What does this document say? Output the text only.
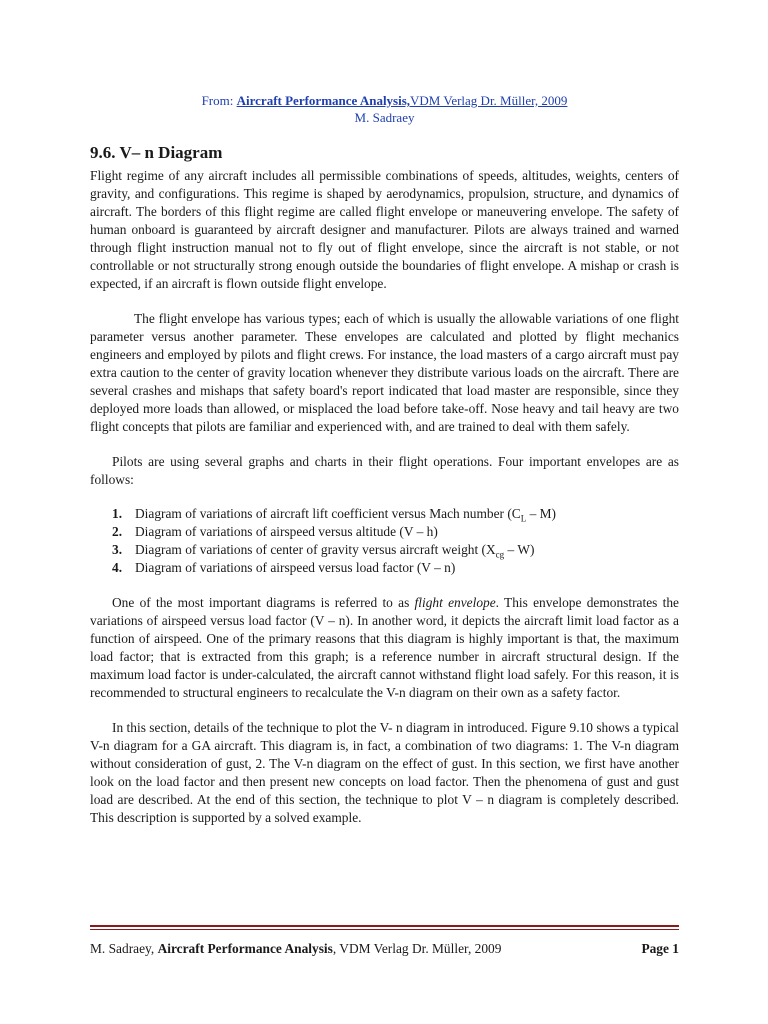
From: Aircraft Performance Analysis,VDM Verlag Dr. Müller, 2009
M. Sadraey
9.6. V– n Diagram

Flight regime of any aircraft includes all permissible combinations of speeds, altitudes, weights, centers of gravity, and configurations. This regime is shaped by aerodynamics, propulsion, structure, and dynamics of aircraft. The borders of this flight regime are called flight envelope or maneuvering envelope. The safety of human onboard is guaranteed by aircraft designer and manufacturer. Pilots are always trained and warned through flight instruction manual not to fly out of flight envelope, since the aircraft is not stable, or not controllable or not structurally strong enough outside the boundaries of flight envelope. A mishap or crash is expected, if an aircraft is flown outside flight envelope.

The flight envelope has various types; each of which is usually the allowable variations of one flight parameter versus another parameter. These envelopes are calculated and plotted by flight mechanics engineers and employed by pilots and flight crews. For instance, the load masters of a cargo aircraft must pay extra caution to the center of gravity location whenever they distribute various loads on the aircraft. There are several crashes and mishaps that safety board's report indicated that load master are responsible, since they deployed more loads than allowed, or misplaced the load before take-off. Nose heavy and tail heavy are two flight concepts that pilots are familiar and experienced with, and are trained to deal with them safely.

Pilots are using several graphs and charts in their flight operations. Four important envelopes are as follows:

1. Diagram of variations of aircraft lift coefficient versus Mach number $(C_L - M)$
2. Diagram of variations of airspeed versus altitude (V – h)
3. Diagram of variations of center of gravity versus aircraft weight $(X_{cg} - W)$
4. Diagram of variations of airspeed versus load factor (V – n)

One of the most important diagrams is referred to as flight envelope. This envelope demonstrates the variations of airspeed versus load factor (V – n). In another word, it depicts the aircraft limit load factor as a function of airspeed. One of the primary reasons that this diagram is highly important is that, the maximum load factor; that is extracted from this graph; is a reference number in aircraft structural design. If the maximum load factor is under-calculated, the aircraft cannot withstand flight load safely. For this reason, it is recommended to structural engineers to recalculate the V-n diagram on their own as a safety factor.

In this section, details of the technique to plot the V- n diagram in introduced. Figure 9.10 shows a typical V-n diagram for a GA aircraft. This diagram is, in fact, a combination of two diagrams: 1. The V-n diagram without consideration of gust, 2. The V-n diagram on the effect of gust. In this section, we first have another look on the load factor and then present new concepts on load factor. Then the phenomena of gust and gust load are described. At the end of this section, the technique to plot V – n diagram is completely described. This description is supported by a solved example.

M. Sadraey, Aircraft Performance Analysis, VDM Verlag Dr. Müller, 2009	Page 1
